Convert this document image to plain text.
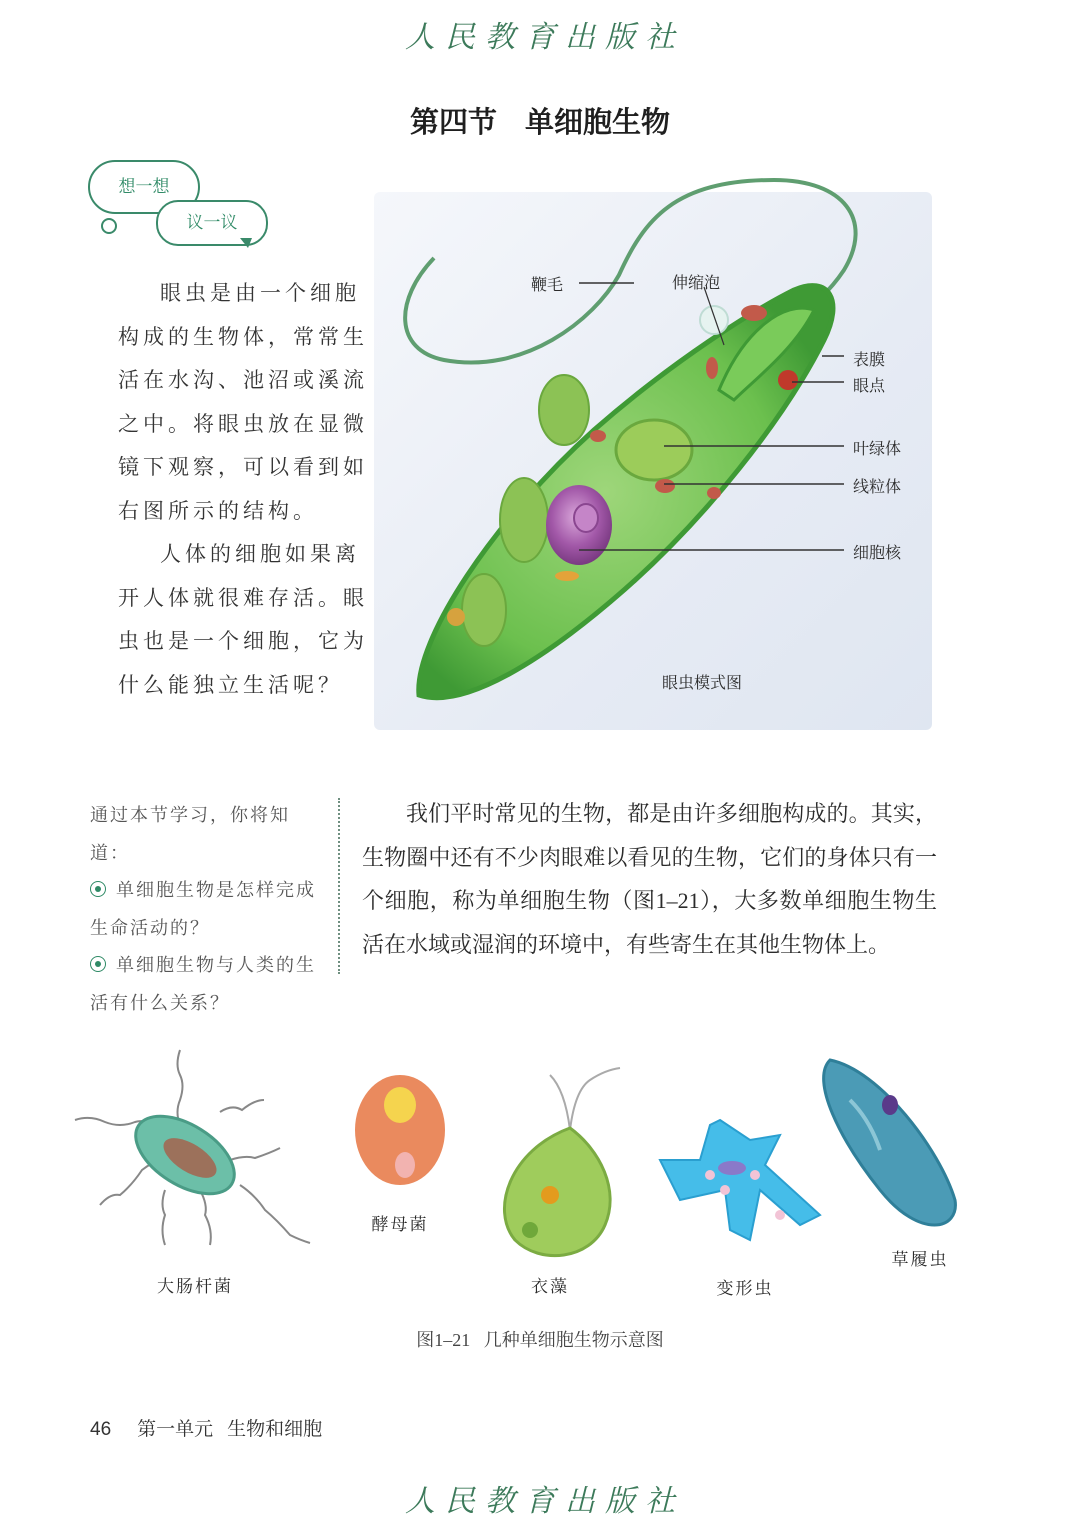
人民教育出版社
第四节 单细胞生物
想一想
议一议

眼虫是由一个细胞构成的生物体，常常生活在水沟、池沼或溪流之中。将眼虫放在显微镜下观察，可以看到如右图所示的结构。

人体的细胞如果离开人体就很难存活。眼虫也是一个细胞，它为什么能独立生活呢？

鞭毛	伸缩泡
表膜
眼点
叶绿体
线粒体
细胞核
眼虫模式图
通过本节学习，你将知道：
单细胞生物是怎样完成生命活动的？
单细胞生物与人类的生活有什么关系？

我们平时常见的生物，都是由许多细胞构成的。其实，生物圈中还有不少肉眼难以看见的生物，它们的身体只有一个细胞，称为单细胞生物（图1–21），大多数单细胞生物生活在水域或湿润的环境中，有些寄生在其他生物体上。

大肠杆菌
酵母菌
衣藻	变形虫
草履虫
图1–21 几种单细胞生物示意图
46 第一单元 生物和细胞
人民教育出版社
